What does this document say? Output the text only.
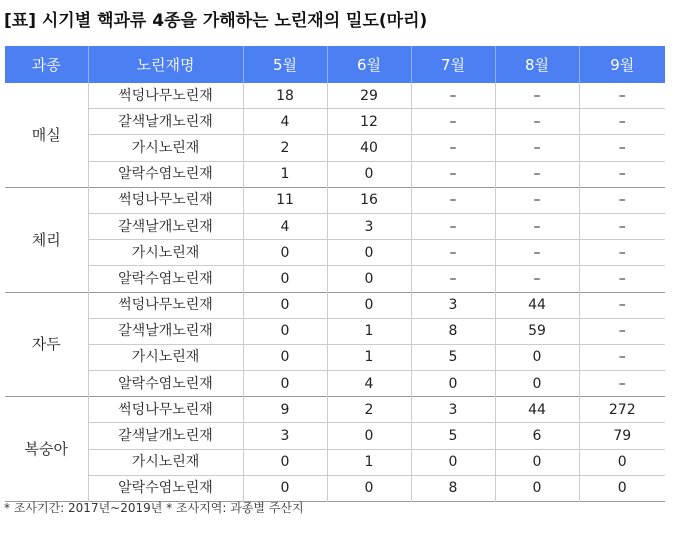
[표] 시기별 핵과류 4종을 가해하는 노린재의 밀도(마리)
과종	노린재명	5월	6월	7월	8월	9월
매실	썩덩나무노린재	18	29	–	–	–
	갈색날개노린재	4	12	–	–	–
	가시노린재	2	40	–	–	–
	알락수염노린재	1	0	–	–	–
체리	썩덩나무노린재	11	16	–	–	–
	갈색날개노린재	4	3	–	–	–
	가시노린재	0	0	–	–	–
	알락수염노린재	0	0	–	–	–
자두	썩덩나무노린재	0	0	3	44	–
	갈색날개노린재	0	1	8	59	–
	가시노린재	0	1	5	0	–
	알락수염노린재	0	4	0	0	–
복숭아	썩덩나무노린재	9	2	3	44	272
	갈색날개노린재	3	0	5	6	79
	가시노린재	0	1	0	0	0
	알락수염노린재	0	0	8	0	0
* 조사기간: 2017년~2019년 * 조사지역: 과종별 주산지
